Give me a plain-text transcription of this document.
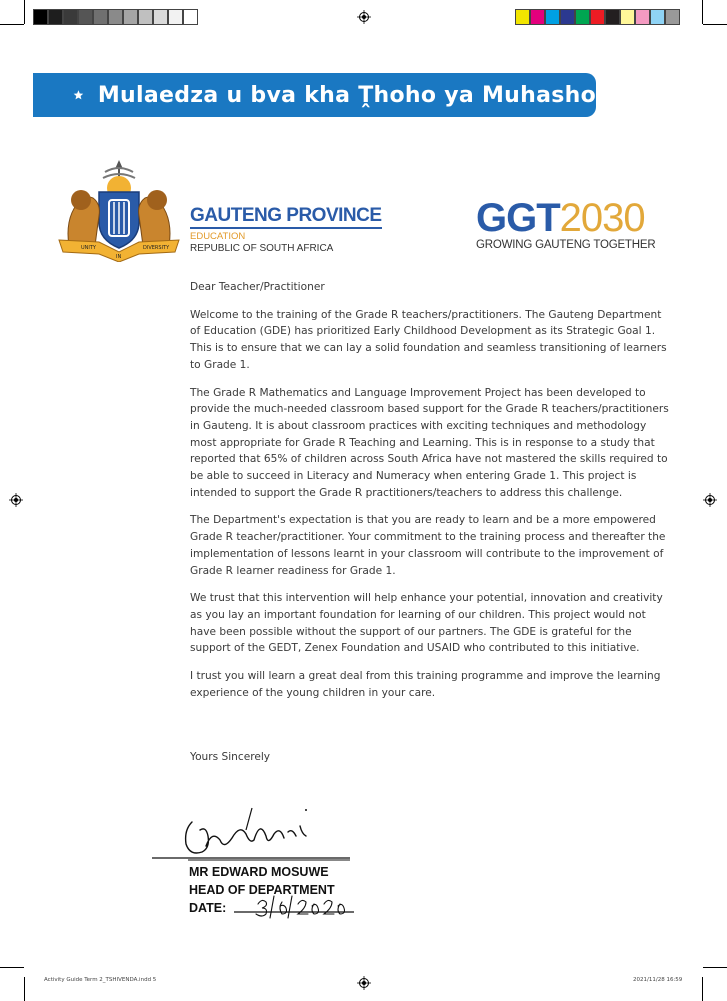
Mulaedza u bva kha Ṱhoho ya Muhasho
UNITY
IN
DIVERSITY
GAUTENG PROVINCE
EDUCATION
REPUBLIC OF SOUTH AFRICA
GGT2030
GROWING GAUTENG TOGETHER

Dear Teacher/Practitioner

Welcome to the training of the Grade R teachers/practitioners. The Gauteng Department of Education (GDE) has prioritized Early Childhood Development as its Strategic Goal 1. This is to ensure that we can lay a solid foundation and seamless transitioning of learners to Grade 1.

The Grade R Mathematics and Language Improvement Project has been developed to provide the much-needed classroom based support for the Grade R teachers/practitioners in Gauteng. It is about classroom practices with exciting techniques and methodology most appropriate for Grade R Teaching and Learning. This is in response to a study that reported that 65% of children across South Africa have not mastered the skills required to be able to succeed in Literacy and Numeracy when entering Grade 1. This project is intended to support the Grade R practitioners/teachers to address this challenge.

The Department's expectation is that you are ready to learn and be a more empowered Grade R teacher/practitioner. Your commitment to the training process and thereafter the implementation of lessons learnt in your classroom will contribute to the improvement of Grade R learner readiness for Grade 1.

We trust that this intervention will help enhance your potential, innovation and creativity as you lay an important foundation for learning of our children. This project would not have been possible without the support of our partners. The GDE is grateful for the support of the GEDT, Zenex Foundation and USAID who contributed to this initiative.

I trust you will learn a great deal from this training programme and improve the learning experience of the young children in your care.

Yours Sincerely
MR EDWARD MOSUWE
HEAD OF DEPARTMENT
DATE:
Activity Guide Term 2_TSHIVENDA.indd 5	2021/11/28 16:59
